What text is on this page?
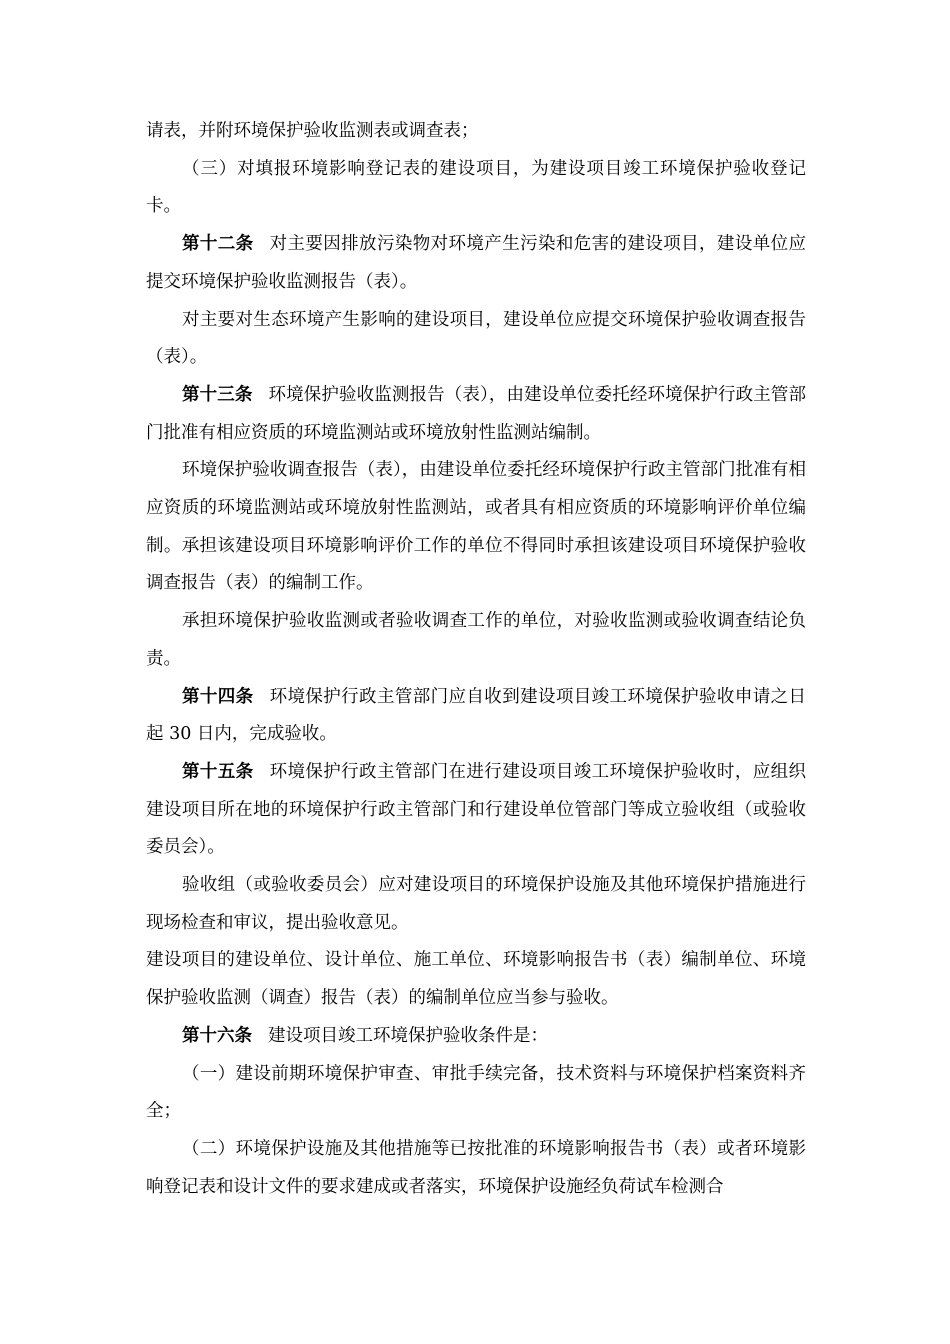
请表，并附环境保护验收监测表或调查表；

（三）对填报环境影响登记表的建设项目，为建设项目竣工环境保护验收登记卡。

第十二条 对主要因排放污染物对环境产生污染和危害的建设项目，建设单位应提交环境保护验收监测报告（表）。

对主要对生态环境产生影响的建设项目，建设单位应提交环境保护验收调查报告（表）。

第十三条 环境保护验收监测报告（表），由建设单位委托经环境保护行政主管部门批准有相应资质的环境监测站或环境放射性监测站编制。

环境保护验收调查报告（表），由建设单位委托经环境保护行政主管部门批准有相应资质的环境监测站或环境放射性监测站，或者具有相应资质的环境影响评价单位编制。承担该建设项目环境影响评价工作的单位不得同时承担该建设项目环境保护验收调查报告（表）的编制工作。

承担环境保护验收监测或者验收调查工作的单位，对验收监测或验收调查结论负责。

第十四条 环境保护行政主管部门应自收到建设项目竣工环境保护验收申请之日起 30 日内，完成验收。

第十五条 环境保护行政主管部门在进行建设项目竣工环境保护验收时，应组织建设项目所在地的环境保护行政主管部门和行建设单位管部门等成立验收组（或验收委员会）。

验收组（或验收委员会）应对建设项目的环境保护设施及其他环境保护措施进行现场检查和审议，提出验收意见。

建设项目的建设单位、设计单位、施工单位、环境影响报告书（表）编制单位、环境保护验收监测（调查）报告（表）的编制单位应当参与验收。

第十六条 建设项目竣工环境保护验收条件是：

（一）建设前期环境保护审查、审批手续完备，技术资料与环境保护档案资料齐全；

（二）环境保护设施及其他措施等已按批准的环境影响报告书（表）或者环境影响登记表和设计文件的要求建成或者落实，环境保护设施经负荷试车检测合
